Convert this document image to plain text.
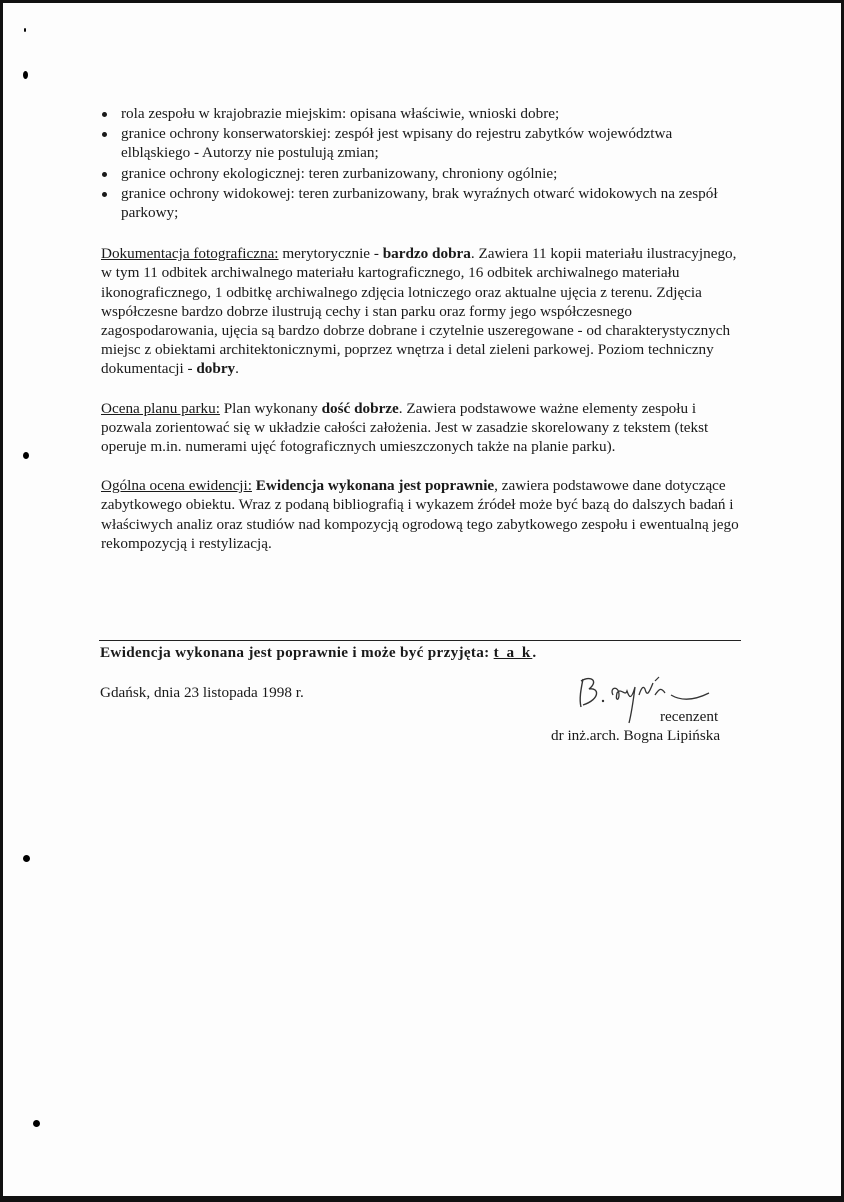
rola zespołu w krajobrazie miejskim: opisana właściwie, wnioski dobre;
granice ochrony konserwatorskiej: zespół jest wpisany do rejestru zabytków województwa elbląskiego - Autorzy nie postulują zmian;
granice ochrony ekologicznej: teren zurbanizowany, chroniony ogólnie;
granice ochrony widokowej: teren zurbanizowany, brak wyraźnych otwarć widokowych na zespół parkowy;

Dokumentacja fotograficzna: merytorycznie - bardzo dobra. Zawiera 11 kopii materiału ilustracyjnego, w tym 11 odbitek archiwalnego materiału kartograficznego, 16 odbitek archiwalnego materiału ikonograficznego, 1 odbitkę archiwalnego zdjęcia lotniczego oraz aktualne ujęcia z terenu. Zdjęcia współczesne bardzo dobrze ilustrują cechy i stan parku oraz formy jego współczesnego zagospodarowania, ujęcia są bardzo dobrze dobrane i czytelnie uszeregowane - od charakterystycznych miejsc z obiektami architektonicznymi, poprzez wnętrza i detal zieleni parkowej. Poziom techniczny dokumentacji - dobry.

Ocena planu parku: Plan wykonany dość dobrze. Zawiera podstawowe ważne elementy zespołu i pozwala zorientować się w układzie całości założenia. Jest w zasadzie skorelowany z tekstem (tekst operuje m.in. numerami ujęć fotograficznych umieszczonych także na planie parku).

Ogólna ocena ewidencji: Ewidencja wykonana jest poprawnie, zawiera podstawowe dane dotyczące zabytkowego obiektu. Wraz z podaną bibliografią i wykazem źródeł może być bazą do dalszych badań i właściwych analiz oraz studiów nad kompozycją ogrodową tego zabytkowego zespołu i ewentualną jego rekompozycją i restylizacją.

Ewidencja wykonana jest poprawnie i może być przyjęta: t a k.

Gdańsk, dnia 23 listopada 1998 r.

recenzent

dr inż.arch. Bogna Lipińska
